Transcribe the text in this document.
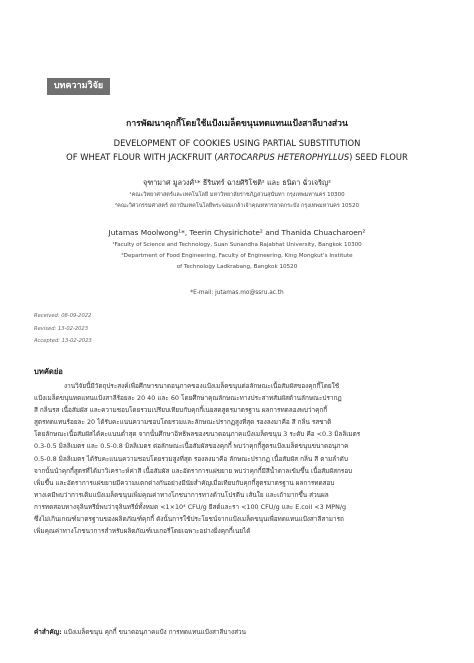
บทความวิจัย
การพัฒนาคุกกี้โดยใช้แป้งเมล็ดขนุนทดแทนแป้งสาลีบางส่วน
DEVELOPMENT OF COOKIES USING PARTIAL SUBSTITUTION
OF WHEAT FLOUR WITH JACKFRUIT (ARTOCARPUS HETEROPHYLLUS) SEED FLOUR
จุฑามาศ มูลวงศ์¹* ธีรินทร์ ฉายศิริโชติ² และ ธนิดา ฉั่วเจริญ²
¹คณะวิทยาศาสตร์และเทคโนโลยี มหาวิทยาลัยราชภัฏสวนสุนันทา กรุงเทพมหานคร 10300
²คณะวิศวกรรมศาสตร์ สถาบันเทคโนโลยีพระจอมเกล้าเจ้าคุณทหารลาดกระบัง กรุงเทพมหานคร 10520
Jutamas Moolwong¹*, Teerin Chysirichote² and Thanida Chuacharoen²
¹Faculty of Science and Technology, Suan Sunandha Rajabhat University, Bangkok 10300
²Department of Food Engineering, Faculty of Engineering, King Mongkut’s Institute
of Technology Ladkrabang, Bangkok 10520
*E-mail: jutamas.mo@ssru.ac.th
Received: 08-09-2022
Revised: 13-02-2023
Accepted: 13-02-2023
บทคัดย่อ
งานวิจัยนี้มีวัตถุประสงค์เพื่อศึกษาขนาดอนุภาคของแป้งเมล็ดขนุนต่อลักษณะเนื้อสัมผัสของคุกกี้โดยใช้
แป้งเมล็ดขนุนทดแทนแป้งสาลีร้อยละ 20 40 และ 60 โดยศึกษาคุณลักษณะทางประสาทสัมผัสด้านลักษณะปรากฏ
สี กลิ่นรส เนื้อสัมผัส และความชอบโดยรวมเปรียบเทียบกับคุกกี้เนยสดสูตรมาตรฐาน ผลการทดลองพบว่าคุกกี้
สูตรทดแทนร้อยละ 20 ได้รับคะแนนความชอบโดยรวมและลักษณะปรากฏสูงที่สุด รองลงมาคือ สี กลิ่น รสชาติ
โดยลักษณะเนื้อสัมผัสได้คะแนนต่ำสุด จากนั้นศึกษาอิทธิพลของขนาดอนุภาคแป้งเมล็ดขนุน 3 ระดับ คือ <0.3 มิลลิเมตร
0.3-0.5 มิลลิเมตร และ 0.5-0.8 มิลลิเมตร ต่อลักษณะเนื้อสัมผัสของคุกกี้ พบว่าคุกกี้สูตรแป้งเมล็ดขนุนขนาดอนุภาค
0.5-0.8 มิลลิเมตร ได้รับคะแนนความชอบโดยรวมสูงที่สุด รองลงมาคือ ลักษณะปรากฏ เนื้อสัมผัส กลิ่น สี ตามลำดับ
จากนั้นนำคุกกี้สูตรที่ได้มาวิเคราะห์ค่าสี เนื้อสัมผัส และอัตราการแผ่ขยาย พบว่าคุกกี้มีสีน้ำตาลเข้มขึ้น เนื้อสัมผัสกรอบ
เพิ่มขึ้น และอัตราการแผ่ขยายมีความแตกต่างกันอย่างมีนัยสำคัญเมื่อเทียบกับคุกกี้สูตรมาตรฐาน ผลการทดสอบ
ทางเคมีพบว่าการเติมแป้งเมล็ดขนุนเพิ่มคุณค่าทางโภชนาการทางด้านโปรตีน เส้นใย และเถ้ามากขึ้น ส่วนผล
การทดสอบทางจุลินทรีย์พบว่าจุลินทรีย์ทั้งหมด <1×10⁴ CFU/g ยีสต์และรา <100 CFU/g และ E.coil <3 MPN/g
ซึ่งไม่เกินเกณฑ์มาตรฐานของผลิตภัณฑ์คุกกี้ ดังนั้นการใช้ประโยชน์จากแป้งเมล็ดขนุนเพื่อทดแทนแป้งสาลีสามารถ
เพิ่มคุณค่าทางโภชนาการสำหรับผลิตภัณฑ์เบเกอรี่โดยเฉพาะอย่างยิ่งคุกกี้เนยได้
คำสำคัญ: แป้งเมล็ดขนุน คุกกี้ ขนาดอนุภาคแป้ง การทดแทนแป้งสาลีบางส่วน
